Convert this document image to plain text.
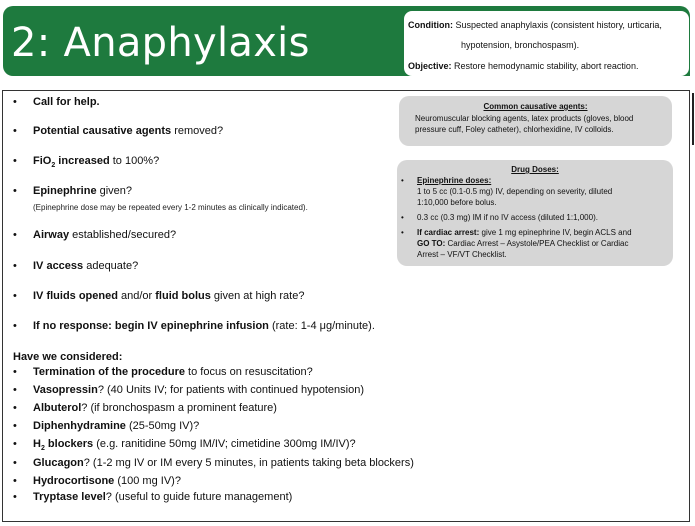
2: Anaphylaxis	Condition: Suspected anaphylaxis (consistent history, urticaria,
hypotension, bronchospasm).
Objective: Restore hemodynamic stability, abort reaction.
• Call for help.
• Potential causative agents removed?
• FiO$_2$ increased to 100%?
• Epinephrine given?
(Epinephrine dose may be repeated every 1-2 minutes as clinically indicated).
• Airway established/secured?
• IV access adequate?
• IV fluids opened and/or fluid bolus given at high rate?
• If no response: begin IV epinephrine infusion (rate: 1-4 μg/minute).
Have we considered:
• Termination of the procedure to focus on resuscitation?
• Vasopressin? (40 Units IV; for patients with continued hypotension)
• Albuterol? (if bronchospasm a prominent feature)
• Diphenhydramine (25-50mg IV)?
• $H_2$ blockers (e.g. ranitidine 50mg IM/IV; cimetidine 300mg IM/IV)?
• Glucagon? (1-2 mg IV or IM every 5 minutes, in patients taking beta blockers)
• Hydrocortisone (100 mg IV)?
• Tryptase level? (useful to guide future management)
Common causative agents:
Neuromuscular blocking agents, latex products (gloves, blood
pressure cuff, Foley catheter), chlorhexidine, IV colloids.
Drug Doses:
• Epinephrine doses:
1 to 5 cc (0.1-0.5 mg) IV, depending on severity, diluted
1:10,000 before bolus.
• 0.3 cc (0.3 mg) IM if no IV access (diluted 1:1,000).
• If cardiac arrest: give 1 mg epinephrine IV, begin ACLS and
GO TO: Cardiac Arrest – Asystole/PEA Checklist or Cardiac
Arrest – VF/VT Checklist.
